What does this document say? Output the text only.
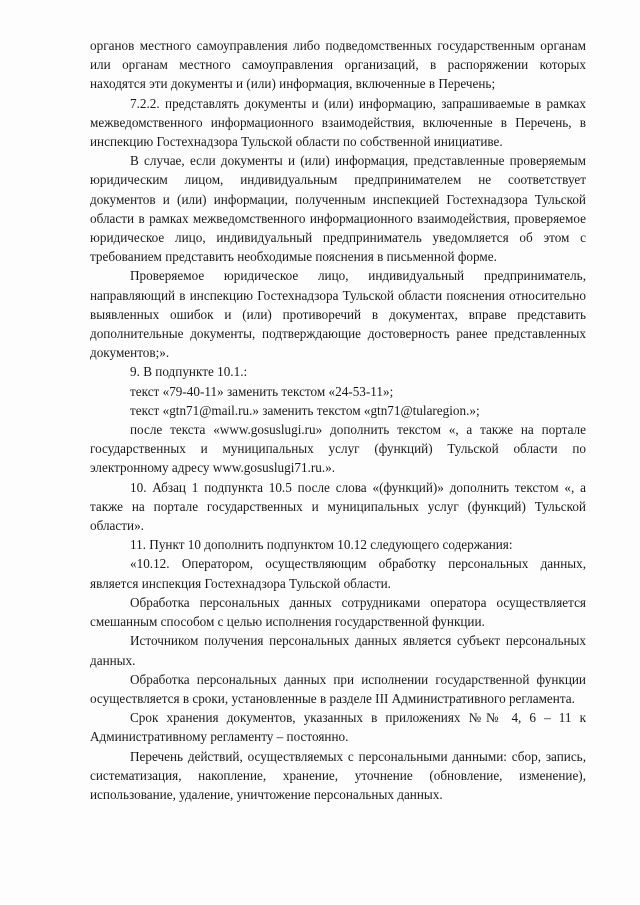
органов местного самоуправления либо подведомственных государственным органам или органам местного самоуправления организаций, в распоряжении которых находятся эти документы и (или) информация, включенные в Перечень;

7.2.2. представлять документы и (или) информацию, запрашиваемые в рамках межведомственного информационного взаимодействия, включенные в Перечень, в инспекцию Гостехнадзора Тульской области по собственной инициативе.

В случае, если документы и (или) информация, представленные проверяемым юридическим лицом, индивидуальным предпринимателем не соответствует документов и (или) информации, полученным инспекцией Гостехнадзора Тульской области в рамках межведомственного информационного взаимодействия, проверяемое юридическое лицо, индивидуальный предприниматель уведомляется об этом с требованием представить необходимые пояснения в письменной форме.

Проверяемое юридическое лицо, индивидуальный предприниматель, направляющий в инспекцию Гостехнадзора Тульской области пояснения относительно выявленных ошибок и (или) противоречий в документах, вправе представить дополнительные документы, подтверждающие достоверность ранее представленных документов;».

9. В подпункте 10.1.:

текст «79-40-11» заменить текстом «24-53-11»;

текст «gtn71@mail.ru.» заменить текстом «gtn71@tularegion.»;

после текста «www.gosuslugi.ru» дополнить текстом «, а также на портале государственных и муниципальных услуг (функций) Тульской области по электронному адресу www.gosuslugi71.ru.».

10. Абзац 1 подпункта 10.5 после слова «(функций)» дополнить текстом «, а также на портале государственных и муниципальных услуг (функций) Тульской области».

11. Пункт 10 дополнить подпунктом 10.12 следующего содержания:

«10.12. Оператором, осуществляющим обработку персональных данных, является инспекция Гостехнадзора Тульской области.

Обработка персональных данных сотрудниками оператора осуществляется смешанным способом с целью исполнения государственной функции.

Источником получения персональных данных является субъект персональных данных.

Обработка персональных данных при исполнении государственной функции осуществляется в сроки, установленные в разделе III Административного регламента.

Срок хранения документов, указанных в приложениях №№ 4, 6 – 11 к Административному регламенту – постоянно.

Перечень действий, осуществляемых с персональными данными: сбор, запись, систематизация, накопление, хранение, уточнение (обновление, изменение), использование, удаление, уничтожение персональных данных.
